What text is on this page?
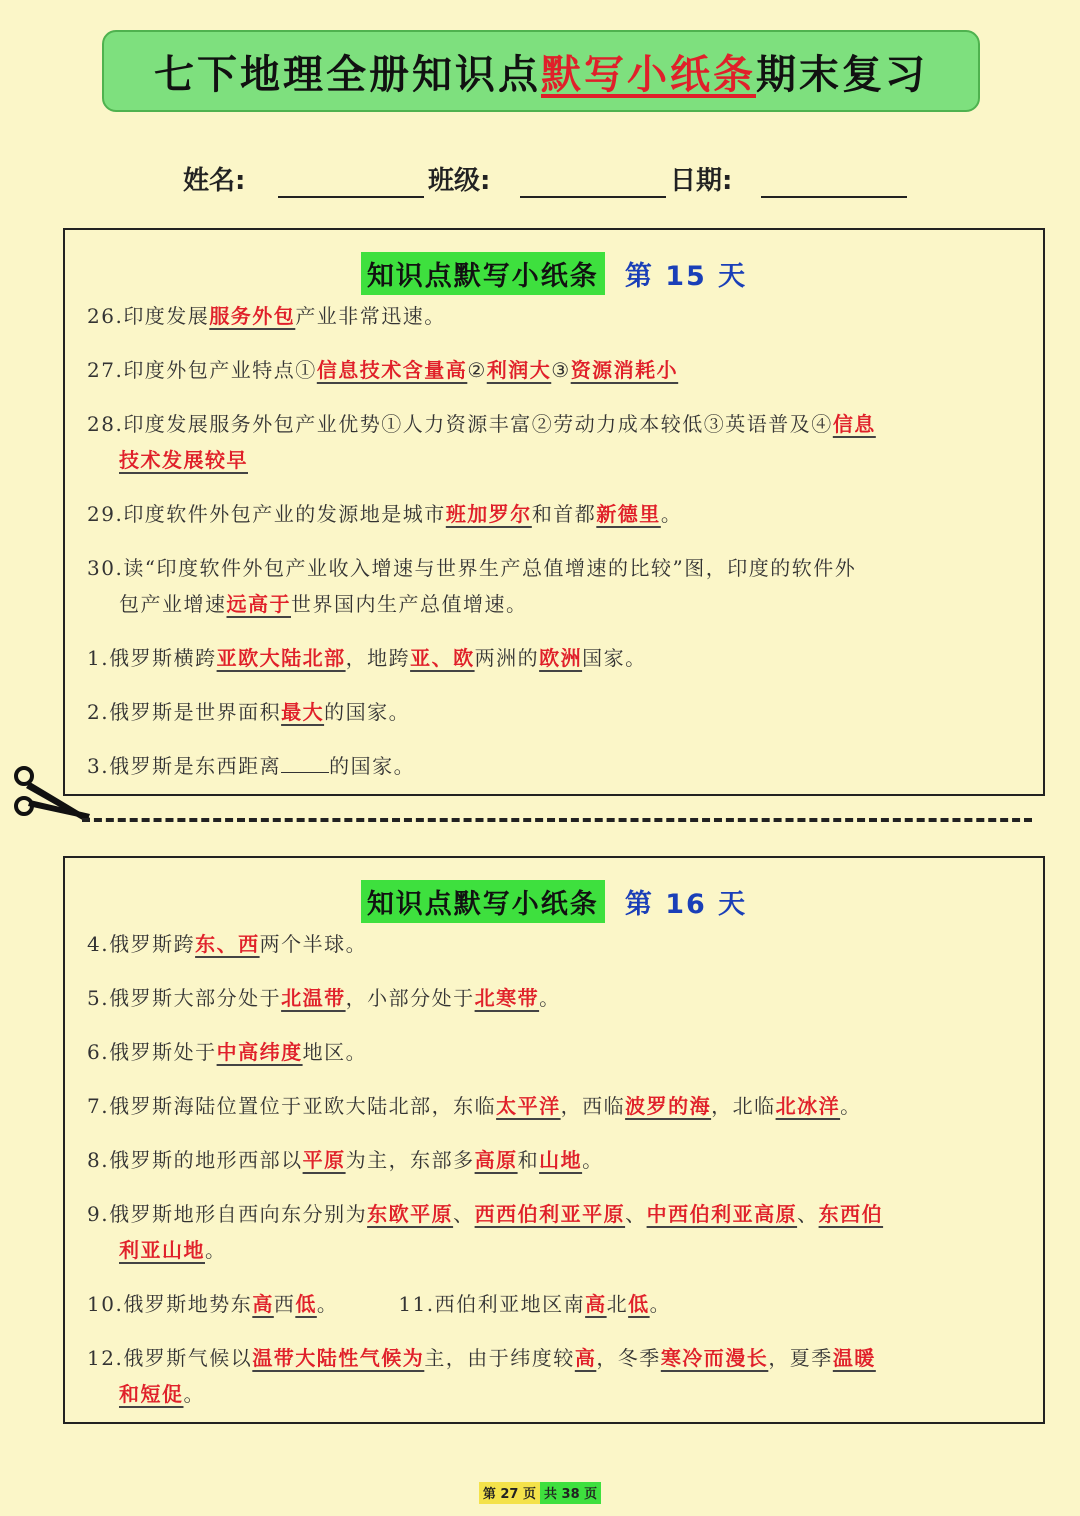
七下地理全册知识点 默写小纸条 期末复习
姓名:	班级:	日期:
知识点默写小纸条 第 15 天
26.印度发展服务外包产业非常迅速。
27.印度外包产业特点①信息技术含量高②利润大③资源消耗小
28.印度发展服务外包产业优势①人力资源丰富②劳动力成本较低③英语普及④信息
技术发展较早
29.印度软件外包产业的发源地是城市班加罗尔和首都新德里。
30.读“印度软件外包产业收入增速与世界生产总值增速的比较”图，印度的软件外
包产业增速远高于世界国内生产总值增速。
1.俄罗斯横跨亚欧大陆北部，地跨亚、欧两洲的欧洲国家。
2.俄罗斯是世界面积最大的国家。
3.俄罗斯是东西距离 的国家。
知识点默写小纸条 第 16 天
4.俄罗斯跨东、西两个半球。
5.俄罗斯大部分处于北温带，小部分处于北寒带。
6.俄罗斯处于中高纬度地区。
7.俄罗斯海陆位置位于亚欧大陆北部，东临太平洋，西临波罗的海，北临北冰洋。
8.俄罗斯的地形西部以平原为主，东部多高原和山地。
9.俄罗斯地形自西向东分别为东欧平原、西西伯利亚平原、中西伯利亚高原、东西伯
利亚山地。
10.俄罗斯地势东高西低。	11.西伯利亚地区南高北低。
12.俄罗斯气候以温带大陆性气候为主，由于纬度较高，冬季寒冷而漫长，夏季温暖
和短促。
第 27 页 共 38 页
